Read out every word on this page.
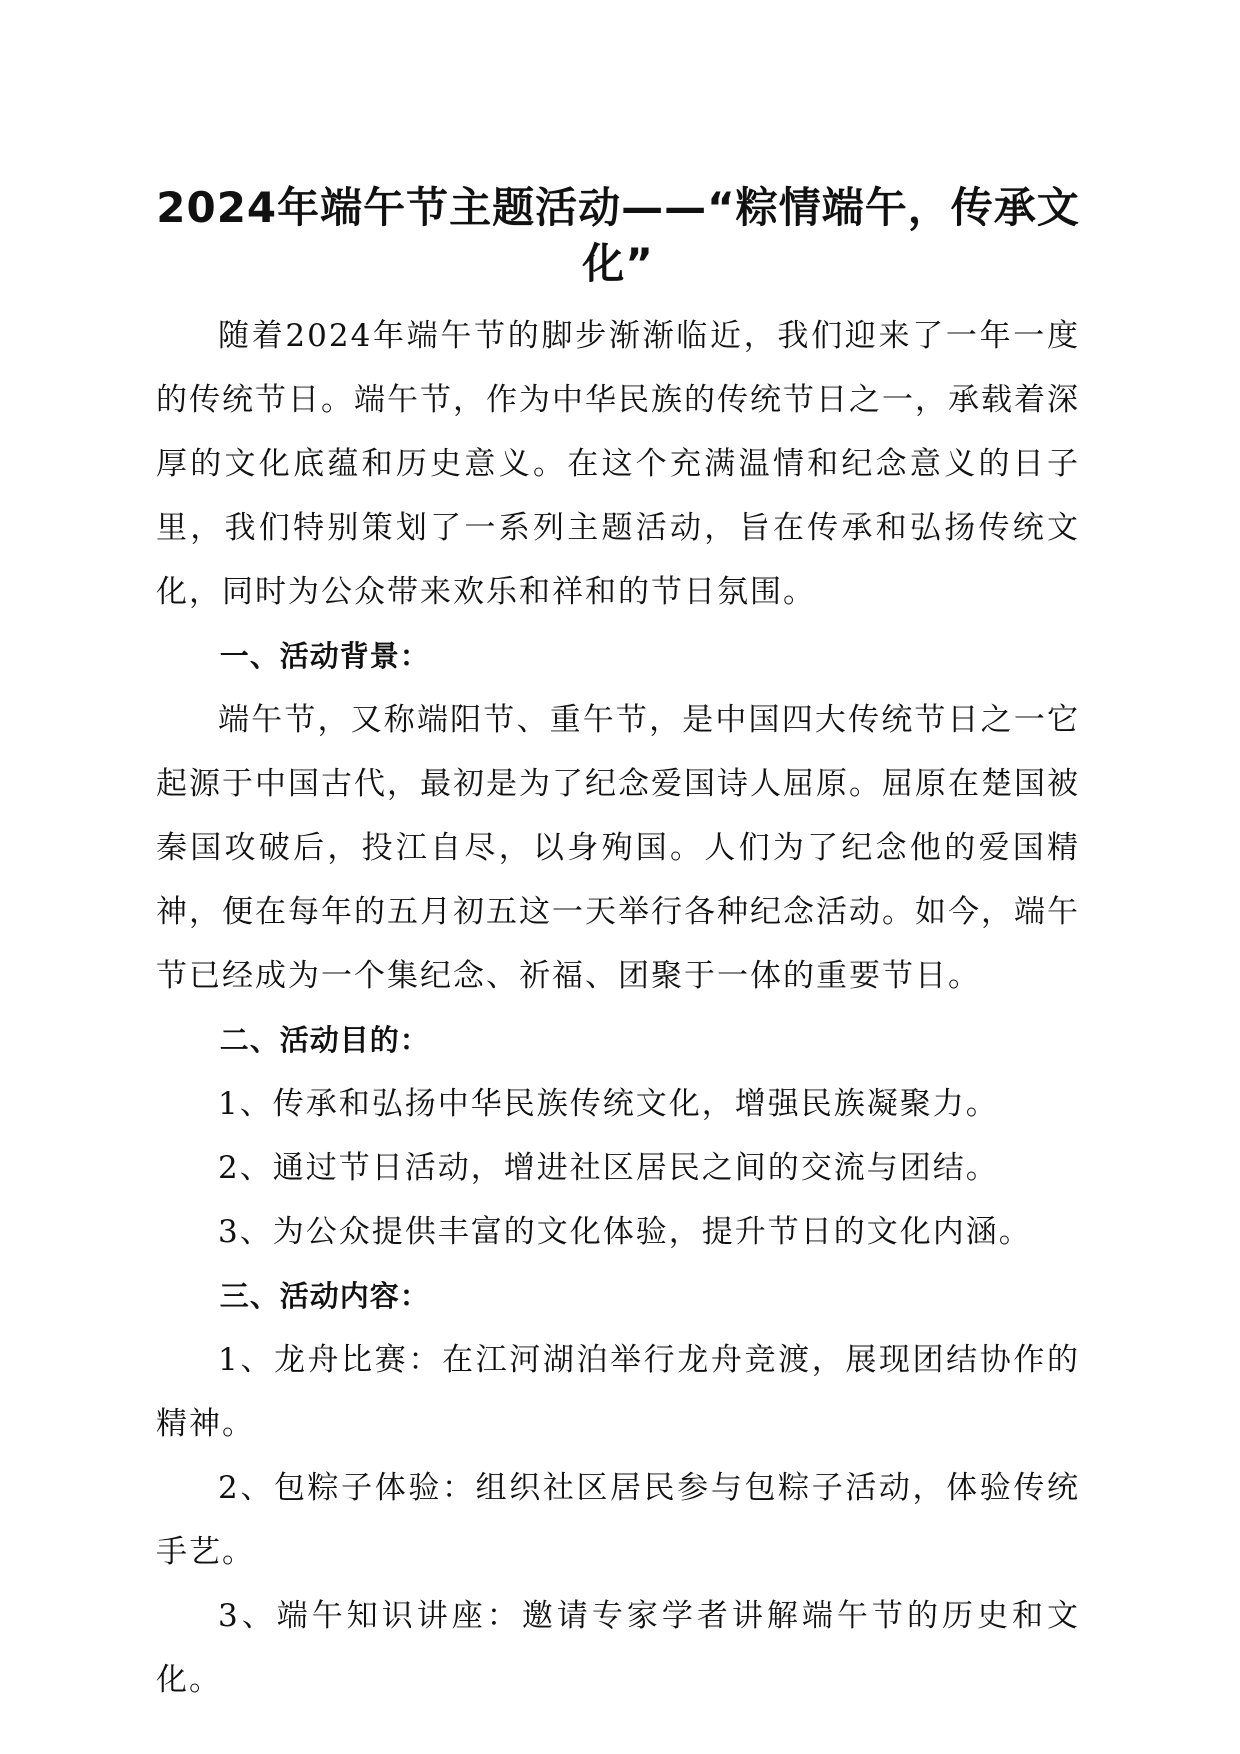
2024年端午节主题活动——“粽情端午，传承文化”

随着2024年端午节的脚步渐渐临近，我们迎来了一年一度的传统节日。端午节，作为中华民族的传统节日之一，承载着深厚的文化底蕴和历史意义。在这个充满温情和纪念意义的日子里，我们特别策划了一系列主题活动，旨在传承和弘扬传统文化，同时为公众带来欢乐和祥和的节日氛围。

一、活动背景：

端午节，又称端阳节、重午节，是中国四大传统节日之一它起源于中国古代，最初是为了纪念爱国诗人屈原。屈原在楚国被秦国攻破后，投江自尽，以身殉国。人们为了纪念他的爱国精神，便在每年的五月初五这一天举行各种纪念活动。如今，端午节已经成为一个集纪念、祈福、团聚于一体的重要节日。

二、活动目的：

1、传承和弘扬中华民族传统文化，增强民族凝聚力。

2、通过节日活动，增进社区居民之间的交流与团结。

3、为公众提供丰富的文化体验，提升节日的文化内涵。

三、活动内容：

1、龙舟比赛：在江河湖泊举行龙舟竞渡，展现团结协作的精神。

2、包粽子体验：组织社区居民参与包粽子活动，体验传统手艺。

3、端午知识讲座：邀请专家学者讲解端午节的历史和文化。
